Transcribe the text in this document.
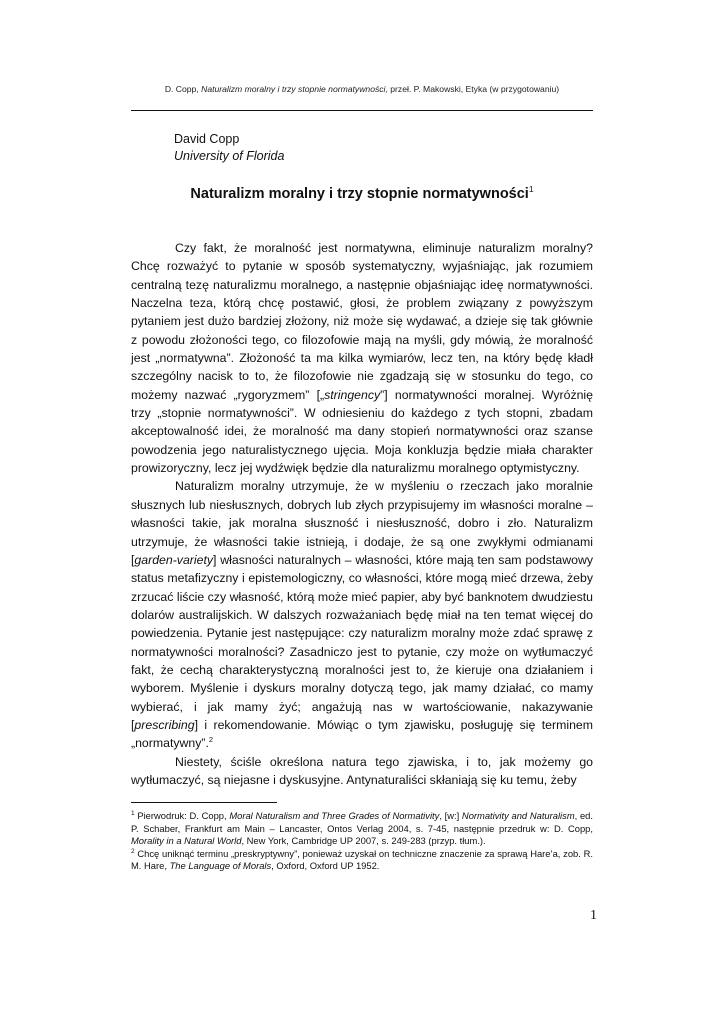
D. Copp, Naturalizm moralny i trzy stopnie normatywności, przeł. P. Makowski, Etyka (w przygotowaniu)
David Copp
University of Florida
Naturalizm moralny i trzy stopnie normatywności$^1$

Czy fakt, że moralność jest normatywna, eliminuje naturalizm moralny? Chcę rozważyć to pytanie w sposób systematyczny, wyjaśniając, jak rozumiem centralną tezę naturalizmu moralnego, a następnie objaśniając ideę normatywności. Naczelna teza, którą chcę postawić, głosi, że problem związany z powyższym pytaniem jest dużo bardziej złożony, niż może się wydawać, a dzieje się tak głównie z powodu złożoności tego, co filozofowie mają na myśli, gdy mówią, że moralność jest „normatywna”. Złożoność ta ma kilka wymiarów, lecz ten, na który będę kładł szczególny nacisk to to, że filozofowie nie zgadzają się w stosunku do tego, co możemy nazwać „rygoryzmem” [„stringency”] normatywności moralnej. Wyróżnię trzy „stopnie normatywności”. W odniesieniu do każdego z tych stopni, zbadam akceptowalność idei, że moralność ma dany stopień normatywności oraz szanse powodzenia jego naturalistycznego ujęcia. Moja konkluzja będzie miała charakter prowizoryczny, lecz jej wydźwięk będzie dla naturalizmu moralnego optymistyczny.

Naturalizm moralny utrzymuje, że w myśleniu o rzeczach jako moralnie słusznych lub niesłusznych, dobrych lub złych przypisujemy im własności moralne – własności takie, jak moralna słuszność i niesłuszność, dobro i zło. Naturalizm utrzymuje, że własności takie istnieją, i dodaje, że są one zwykłymi odmianami [garden-variety] własności naturalnych – własności, które mają ten sam podstawowy status metafizyczny i epistemologiczny, co własności, które mogą mieć drzewa, żeby zrzucać liście czy własność, którą może mieć papier, aby być banknotem dwudziestu dolarów australijskich. W dalszych rozważaniach będę miał na ten temat więcej do powiedzenia. Pytanie jest następujące: czy naturalizm moralny może zdać sprawę z normatywności moralności? Zasadniczo jest to pytanie, czy może on wytłumaczyć fakt, że cechą charakterystyczną moralności jest to, że kieruje ona działaniem i wyborem. Myślenie i dyskurs moralny dotyczą tego, jak mamy działać, co mamy wybierać, i jak mamy żyć; angażują nas w wartościowanie, nakazywanie [prescribing] i rekomendowanie. Mówiąc o tym zjawisku, posługuję się terminem „normatywny”.$^2$

Niestety, ściśle określona natura tego zjawiska, i to, jak możemy go wytłumaczyć, są niejasne i dyskusyjne. Antynaturaliści skłaniają się ku temu, żeby

$^1$ Pierwodruk: D. Copp, Moral Naturalism and Three Grades of Normativity, [w:] Normativity and Naturalism, ed. P. Schaber, Frankfurt am Main – Lancaster, Ontos Verlag 2004, s. 7-45, następnie przedruk w: D. Copp, Morality in a Natural World, New York, Cambridge UP 2007, s. 249-283 (przyp. tłum.).

$^2$ Chcę uniknąć terminu „preskryptywny”, ponieważ uzyskał on techniczne znaczenie za sprawą Hare’a, zob. R. M. Hare, The Language of Morals, Oxford, Oxford UP 1952.

1
